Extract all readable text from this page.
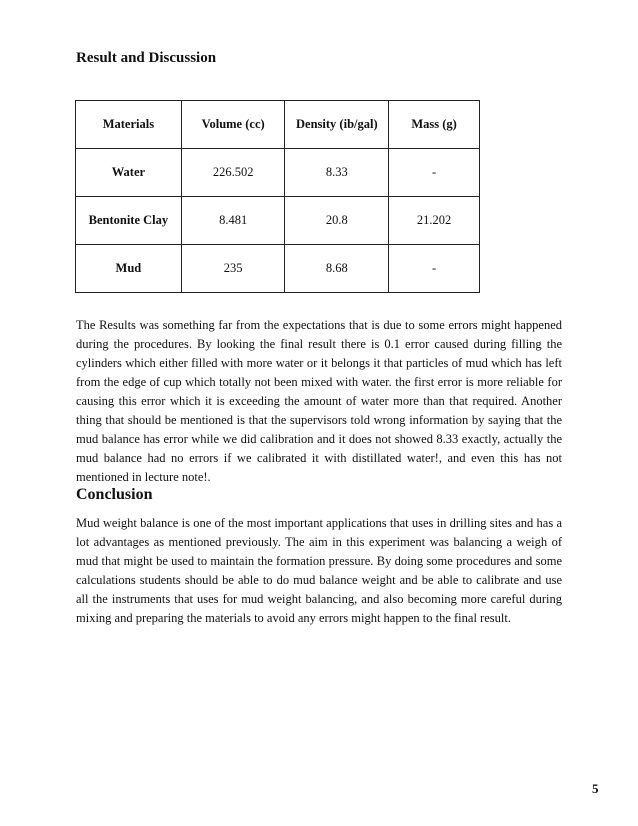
Result and Discussion
Materials	Volume (cc)	Density (ib/gal)	Mass (g)
Water	226.502	8.33	-
Bentonite Clay	8.481	20.8	21.202
Mud	235	8.68	-

The Results was something far from the expectations that is due to some errors might happened during the procedures. By looking the final result there is 0.1 error caused during filling the cylinders which either filled with more water or it belongs it that particles of mud which has left from the edge of cup which totally not been mixed with water. the first error is more reliable for causing this error which it is exceeding the amount of water more than that required. Another thing that should be mentioned is that the supervisors told wrong information by saying that the mud balance has error while we did calibration and it does not showed 8.33 exactly, actually the mud balance had no errors if we calibrated it with distillated water!, and even this has not mentioned in lecture note!.

Conclusion

Mud weight balance is one of the most important applications that uses in drilling sites and has a lot advantages as mentioned previously. The aim in this experiment was balancing a weigh of mud that might be used to maintain the formation pressure. By doing some procedures and some calculations students should be able to do mud balance weight and be able to calibrate and use all the instruments that uses for mud weight balancing, and also becoming more careful during mixing and preparing the materials to avoid any errors might happen to the final result.

5
